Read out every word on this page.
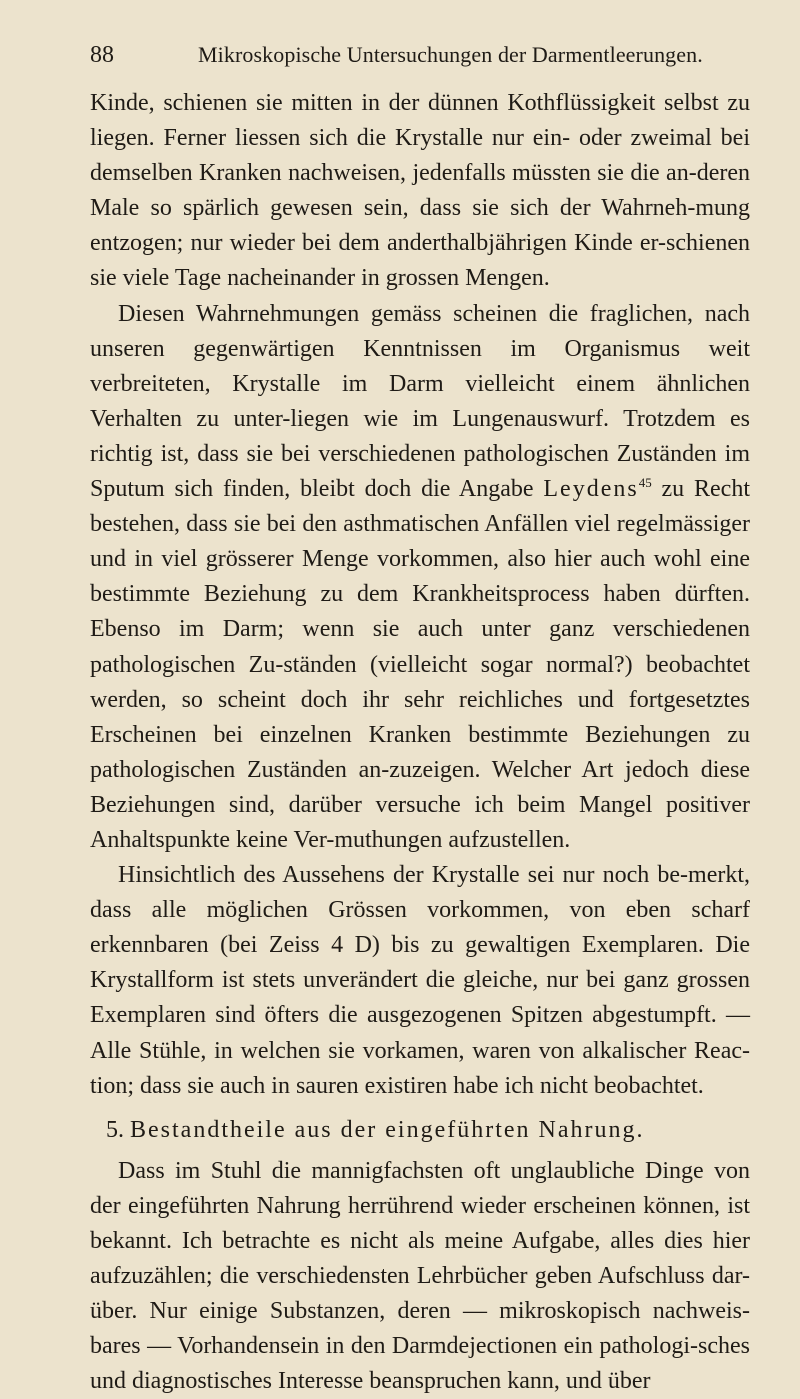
88	Mikroskopische Untersuchungen der Darmentleerungen.

Kinde, schienen sie mitten in der dünnen Kothflüssigkeit selbst zu liegen. Ferner liessen sich die Krystalle nur ein- oder zweimal bei demselben Kranken nachweisen, jedenfalls müssten sie die an-deren Male so spärlich gewesen sein, dass sie sich der Wahrneh-mung entzogen; nur wieder bei dem anderthalbjährigen Kinde er-schienen sie viele Tage nacheinander in grossen Mengen.

Diesen Wahrnehmungen gemäss scheinen die fraglichen, nach unseren gegenwärtigen Kenntnissen im Organismus weit verbreiteten, Krystalle im Darm vielleicht einem ähnlichen Verhalten zu unter-liegen wie im Lungenauswurf. Trotzdem es richtig ist, dass sie bei verschiedenen pathologischen Zuständen im Sputum sich finden, bleibt doch die Angabe Leydens$^{45}$ zu Recht bestehen, dass sie bei den asthmatischen Anfällen viel regelmässiger und in viel grösserer Menge vorkommen, also hier auch wohl eine bestimmte Beziehung zu dem Krankheitsprocess haben dürften. Ebenso im Darm; wenn sie auch unter ganz verschiedenen pathologischen Zu-ständen (vielleicht sogar normal?) beobachtet werden, so scheint doch ihr sehr reichliches und fortgesetztes Erscheinen bei einzelnen Kranken bestimmte Beziehungen zu pathologischen Zuständen an-zuzeigen. Welcher Art jedoch diese Beziehungen sind, darüber versuche ich beim Mangel positiver Anhaltspunkte keine Ver-muthungen aufzustellen.

Hinsichtlich des Aussehens der Krystalle sei nur noch be-merkt, dass alle möglichen Grössen vorkommen, von eben scharf erkennbaren (bei Zeiss 4 D) bis zu gewaltigen Exemplaren. Die Krystallform ist stets unverändert die gleiche, nur bei ganz grossen Exemplaren sind öfters die ausgezogenen Spitzen abgestumpft. — Alle Stühle, in welchen sie vorkamen, waren von alkalischer Reac-tion; dass sie auch in sauren existiren habe ich nicht beobachtet.

5. Bestandtheile aus der eingeführten Nahrung.

Dass im Stuhl die mannigfachsten oft unglaubliche Dinge von der eingeführten Nahrung herrührend wieder erscheinen können, ist bekannt. Ich betrachte es nicht als meine Aufgabe, alles dies hier aufzuzählen; die verschiedensten Lehrbücher geben Aufschluss dar-über. Nur einige Substanzen, deren — mikroskopisch nachweis-bares — Vorhandensein in den Darmdejectionen ein pathologi-sches und diagnostisches Interesse beanspruchen kann, und über
